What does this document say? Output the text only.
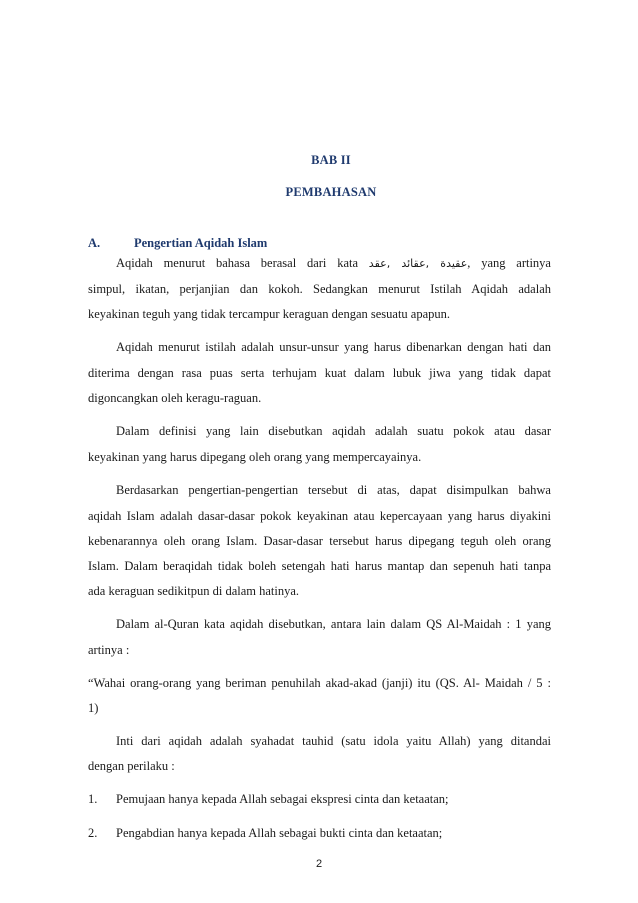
BAB II
PEMBAHASAN
A.	Pengertian Aqidah Islam
Aqidah menurut bahasa berasal dari kata عقيدة ,عقائد ,عقد, yang artinya
simpul, ikatan, perjanjian dan kokoh. Sedangkan menurut Istilah Aqidah adalah
keyakinan teguh yang tidak tercampur keraguan dengan sesuatu apapun.
Aqidah menurut istilah adalah unsur-unsur yang harus dibenarkan dengan hati dan
diterima dengan rasa puas serta terhujam kuat dalam lubuk jiwa yang tidak dapat
digoncangkan oleh keragu-raguan.
Dalam definisi yang lain disebutkan aqidah adalah suatu pokok atau dasar
keyakinan yang harus dipegang oleh orang yang mempercayainya.
Berdasarkan pengertian-pengertian tersebut di atas, dapat disimpulkan bahwa
aqidah Islam adalah dasar-dasar pokok keyakinan atau kepercayaan yang harus diyakini
kebenarannya oleh orang Islam. Dasar-dasar tersebut harus dipegang teguh oleh orang
Islam. Dalam beraqidah tidak boleh setengah hati harus mantap dan sepenuh hati tanpa
ada keraguan sedikitpun di dalam hatinya.
Dalam al-Quran kata aqidah disebutkan, antara lain dalam QS Al-Maidah : 1 yang
artinya :
“Wahai orang-orang yang beriman penuhilah akad-akad (janji) itu (QS. Al- Maidah / 5 :
1)
Inti dari aqidah adalah syahadat tauhid (satu idola yaitu Allah) yang ditandai
dengan perilaku :
1. Pemujaan hanya kepada Allah sebagai ekspresi cinta dan ketaatan;
2. Pengabdian hanya kepada Allah sebagai bukti cinta dan ketaatan;
2
